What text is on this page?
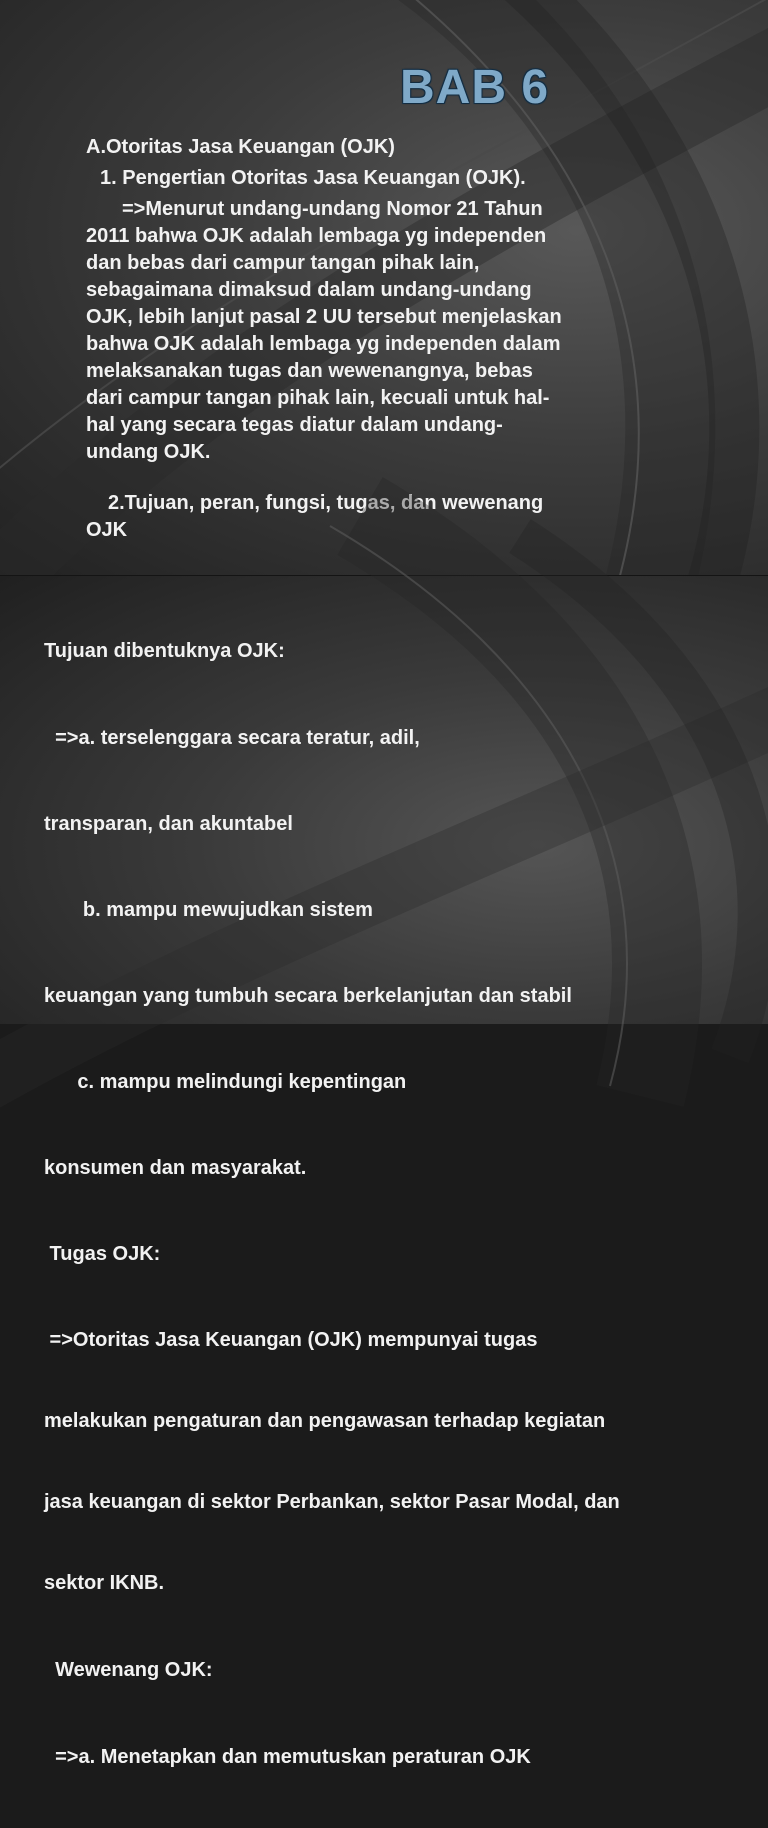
BAB 6

A.Otoritas Jasa Keuangan (OJK)

1. Pengertian Otoritas Jasa Keuangan (OJK).

=>Menurut undang-undang Nomor 21 Tahun

2011 bahwa OJK adalah lembaga yg independen

dan bebas dari campur tangan pihak lain,

sebagaimana dimaksud dalam undang-undang

OJK, lebih lanjut pasal 2 UU tersebut menjelaskan

bahwa OJK adalah lembaga yg independen dalam

melaksanakan tugas dan wewenangnya, bebas

dari campur tangan pihak lain, kecuali untuk hal-

hal yang secara tegas diatur dalam undang-

undang OJK.

2.Tujuan, peran, fungsi, tugas, dan wewenang

OJK

Tujuan dibentuknya OJK:

=>a. terselenggara secara teratur, adil,

transparan, dan akuntabel

b. mampu mewujudkan sistem

keuangan yang tumbuh secara berkelanjutan dan stabil

c. mampu melindungi kepentingan

konsumen dan masyarakat.

Tugas OJK:

=>Otoritas Jasa Keuangan (OJK) mempunyai tugas

melakukan pengaturan dan pengawasan terhadap kegiatan

jasa keuangan di sektor Perbankan, sektor Pasar Modal, dan

sektor IKNB.

Wewenang OJK:

=>a. Menetapkan dan memutuskan peraturan OJK
